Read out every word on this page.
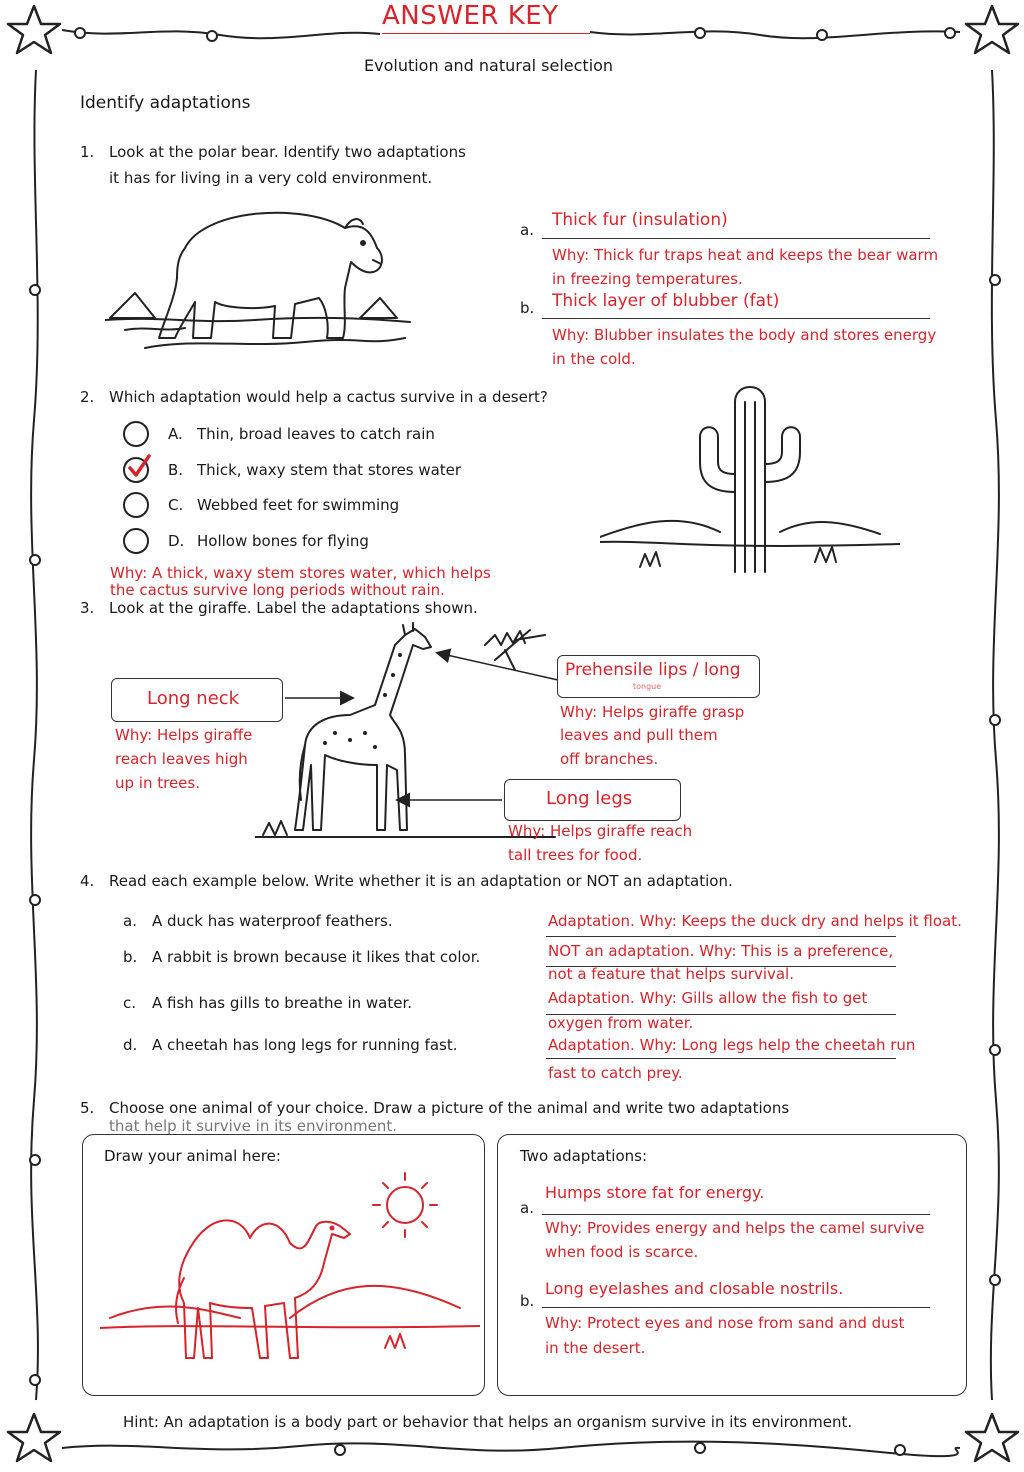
ANSWER KEY
Evolution and natural selection
Identify adaptations
1. Look at the polar bear. Identify two adaptations
it has for living in a very cold environment.
a. Thick fur (insulation)
Why: Thick fur traps heat and keeps the bear warm
in freezing temperatures.
b. Thick layer of blubber (fat)
Why: Blubber insulates the body and stores energy
in the cold.
2. Which adaptation would help a cactus survive in a desert?
A. Thin, broad leaves to catch rain
B. Thick, waxy stem that stores water
C. Webbed feet for swimming
D. Hollow bones for flying
Why: A thick, waxy stem stores water, which helps
the cactus survive long periods without rain.
3. Look at the giraffe. Label the adaptations shown.
Long neck
Why: Helps giraffe
reach leaves high
up in trees.
Prehensile lips / long
tongue
Why: Helps giraffe grasp
leaves and pull them
off branches.
Long legs
Why: Helps giraffe reach
tall trees for food.
4. Read each example below. Write whether it is an adaptation or NOT an adaptation.
a. A duck has waterproof feathers.	Adaptation. Why: Keeps the duck dry and helps it float.
b. A rabbit is brown because it likes that color.	NOT an adaptation. Why: This is a preference,
not a feature that helps survival.
c. A fish has gills to breathe in water.	Adaptation. Why: Gills allow the fish to get
oxygen from water.
d. A cheetah has long legs for running fast.	Adaptation. Why: Long legs help the cheetah run
fast to catch prey.
5. Choose one animal of your choice. Draw a picture of the animal and write two adaptations
that help it survive in its environment.
Draw your animal here:	Two adaptations:
a.
Humps store fat for energy.
Why: Provides energy and helps the camel survive
when food is scarce.
b.
Long eyelashes and closable nostrils.
Why: Protect eyes and nose from sand and dust
in the desert.
Hint: An adaptation is a body part or behavior that helps an organism survive in its environment.
